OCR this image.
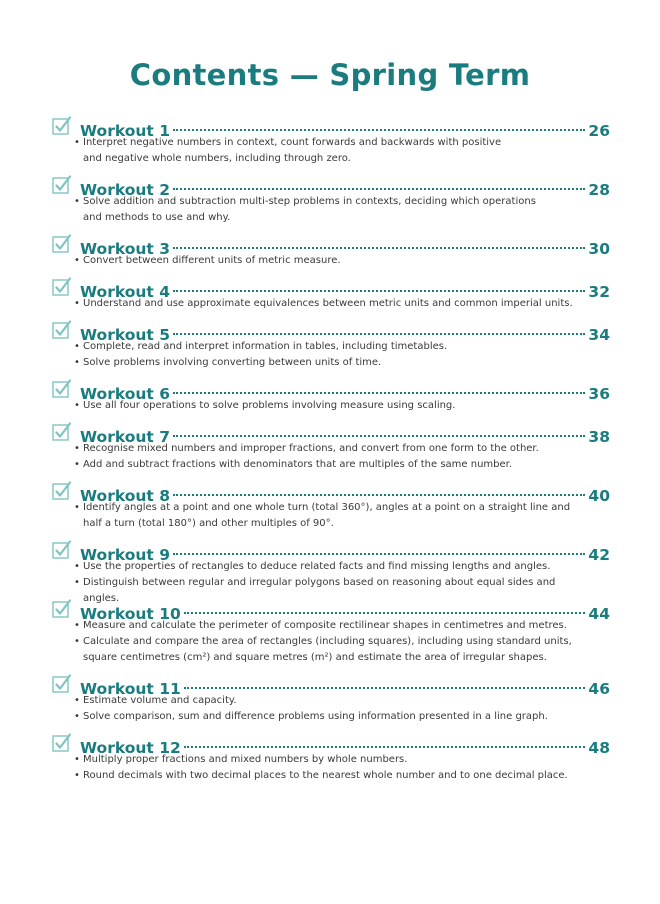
Contents — Spring Term
Workout 1	26
• Interpret negative numbers in context, count forwards and backwards with positive
and negative whole numbers, including through zero.
Workout 2	28
• Solve addition and subtraction multi-step problems in contexts, deciding which operations
and methods to use and why.
Workout 3	30
• Convert between different units of metric measure.
Workout 4	32
• Understand and use approximate equivalences between metric units and common imperial units.
Workout 5	34
• Complete, read and interpret information in tables, including timetables.
• Solve problems involving converting between units of time.
Workout 6	36
• Use all four operations to solve problems involving measure using scaling.
Workout 7	38
• Recognise mixed numbers and improper fractions, and convert from one form to the other.
• Add and subtract fractions with denominators that are multiples of the same number.
Workout 8	40
• Identify angles at a point and one whole turn (total 360°), angles at a point on a straight line and
half a turn (total 180°) and other multiples of 90°.
Workout 9	42
• Use the properties of rectangles to deduce related facts and find missing lengths and angles.
• Distinguish between regular and irregular polygons based on reasoning about equal sides and angles.
Workout 10	44
• Measure and calculate the perimeter of composite rectilinear shapes in centimetres and metres.
• Calculate and compare the area of rectangles (including squares), including using standard units,
square centimetres (cm²) and square metres (m²) and estimate the area of irregular shapes.
Workout 11	46
• Estimate volume and capacity.
• Solve comparison, sum and difference problems using information presented in a line graph.
Workout 12	48
• Multiply proper fractions and mixed numbers by whole numbers.
• Round decimals with two decimal places to the nearest whole number and to one decimal place.
